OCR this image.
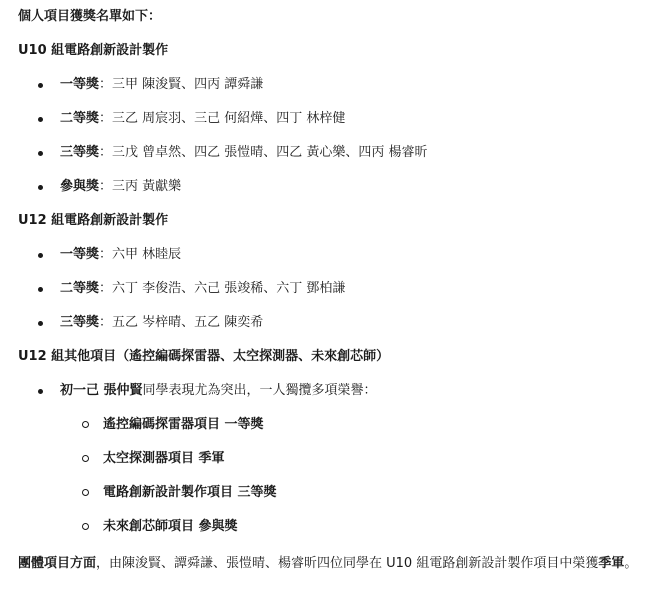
個人項目獲獎名單如下：
U10 組電路創新設計製作
一等獎：三甲 陳浚賢、四丙 譚舜謙
二等獎：三乙 周宸羽、三己 何紹燁、四丁 林梓健
三等獎：三戊 曾卓然、四乙 張愷晴、四乙 黃心樂、四丙 楊睿昕
參與獎：三丙 黃獻樂
U12 組電路創新設計製作
一等獎：六甲 林睦辰
二等獎：六丁 李俊浩、六己 張竣稀、六丁 鄧柏謙
三等獎：五乙 岑梓晴、五乙 陳奕希
U12 組其他項目（遙控編碼探雷器、太空探測器、未來創芯師）
初一己 張仲賢同學表現尤為突出，一人獨攬多項榮譽：
遙控編碼探雷器項目 一等獎
太空探測器項目 季軍
電路創新設計製作項目 三等獎
未來創芯師項目 參與獎
團體項目方面，由陳浚賢、譚舜謙、張愷晴、楊睿昕四位同學在 U10 組電路創新設計製作項目中榮獲季軍。
